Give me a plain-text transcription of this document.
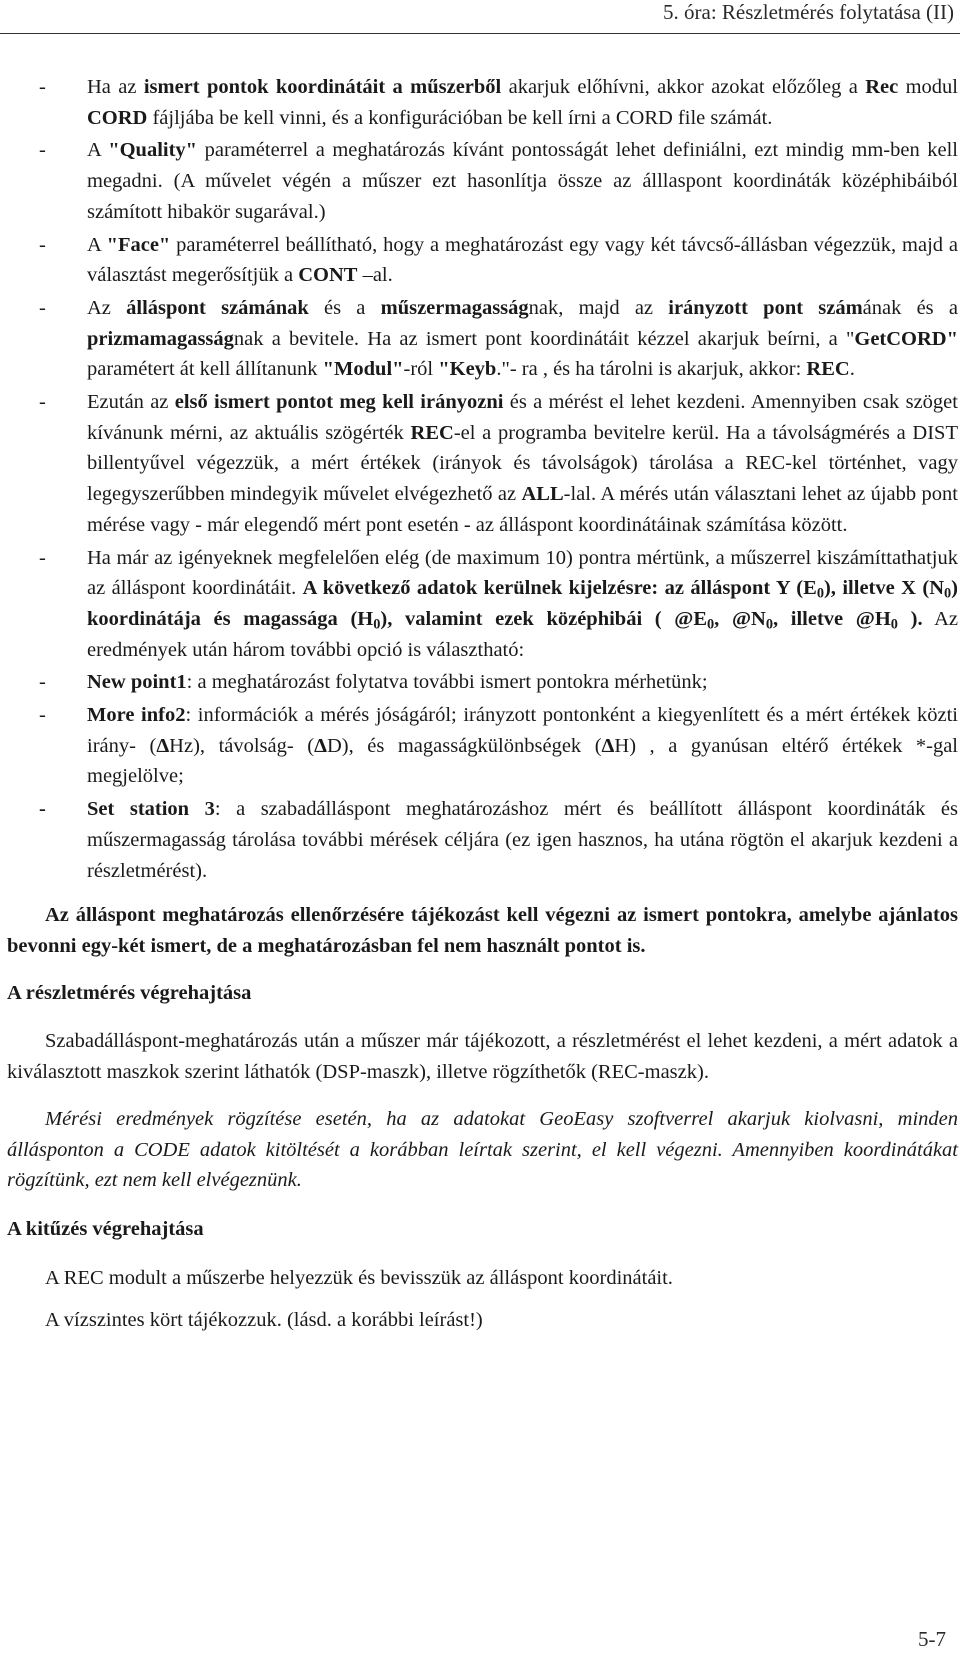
5. óra: Részletmérés folytatása (II)
-	Ha az ismert pontok koordinátáit a műszerből akarjuk előhívni, akkor azokat előzőleg a Rec modul CORD fájljába be kell vinni, és a konfigurációban be kell írni a CORD file számát.
-	A "Quality" paraméterrel a meghatározás kívánt pontosságát lehet definiálni, ezt mindig mm-ben kell megadni. (A művelet végén a műszer ezt hasonlítja össze az álllaspont koordináták középhibáiból számított hibakör sugarával.)
-	A "Face" paraméterrel beállítható, hogy a meghatározást egy vagy két távcső-állásban végezzük, majd a választást megerősítjük a CONT –al.
-	Az álláspont számának és a műszermagasságnak, majd az irányzott pont számának és a prizmamagasságnak a bevitele. Ha az ismert pont koordinátáit kézzel akarjuk beírni, a "GetCORD" paramétert át kell állítanunk "Modul"-ról "Keyb."- ra , és ha tárolni is akarjuk, akkor: REC.
-	Ezután az első ismert pontot meg kell irányozni és a mérést el lehet kezdeni. Amennyiben csak szöget kívánunk mérni, az aktuális szögérték REC-el a programba bevitelre kerül. Ha a távolságmérés a DIST billentyűvel végezzük, a mért értékek (irányok és távolságok) tárolása a REC-kel történhet, vagy legegyszerűbben mindegyik művelet elvégezhető az ALL-lal. A mérés után választani lehet az újabb pont mérése vagy - már elegendő mért pont esetén - az álláspont koordinátáinak számítása között.
-	Ha már az igényeknek megfelelően elég (de maximum 10) pontra mértünk, a műszerrel kiszámíttathatjuk az álláspont koordinátáit. A következő adatok kerülnek kijelzésre: az álláspont Y $(E_0)$, illetve X $(N_0)$ koordinátája és magassága $(H_0)$, valamint ezek középhibái ( $@E_0$, $@N_0$, illetve $@H_0$ ). Az eredmények után három további opció is választható:
-	New point1: a meghatározást folytatva további ismert pontokra mérhetünk;
-	More info2: információk a mérés jóságáról; irányzott pontonként a kiegyenlített és a mért értékek közti irány- (ΔHz), távolság- (ΔD), és magasságkülönbségek (ΔH) , a gyanúsan eltérő értékek *-gal megjelölve;
-	Set station 3: a szabadálláspont meghatározáshoz mért és beállított álláspont koordináták és műszermagasság tárolása további mérések céljára (ez igen hasznos, ha utána rögtön el akarjuk kezdeni a részletmérést).

Az álláspont meghatározás ellenőrzésére tájékozást kell végezni az ismert pontokra, amelybe ajánlatos bevonni egy-két ismert, de a meghatározásban fel nem használt pontot is.

A részletmérés végrehajtása

Szabadálláspont-meghatározás után a műszer már tájékozott, a részletmérést el lehet kezdeni, a mért adatok a kiválasztott maszkok szerint láthatók (DSP-maszk), illetve rögzíthetők (REC-maszk).

Mérési eredmények rögzítése esetén, ha az adatokat GeoEasy szoftverrel akarjuk kiolvasni, minden állásponton a CODE adatok kitöltését a korábban leírtak szerint, el kell végezni. Amennyiben koordinátákat rögzítünk, ezt nem kell elvégeznünk.

A kitűzés végrehajtása

A REC modult a műszerbe helyezzük és bevisszük az álláspont koordinátáit.

A vízszintes kört tájékozzuk. (lásd. a korábbi leírást!)

5-7
